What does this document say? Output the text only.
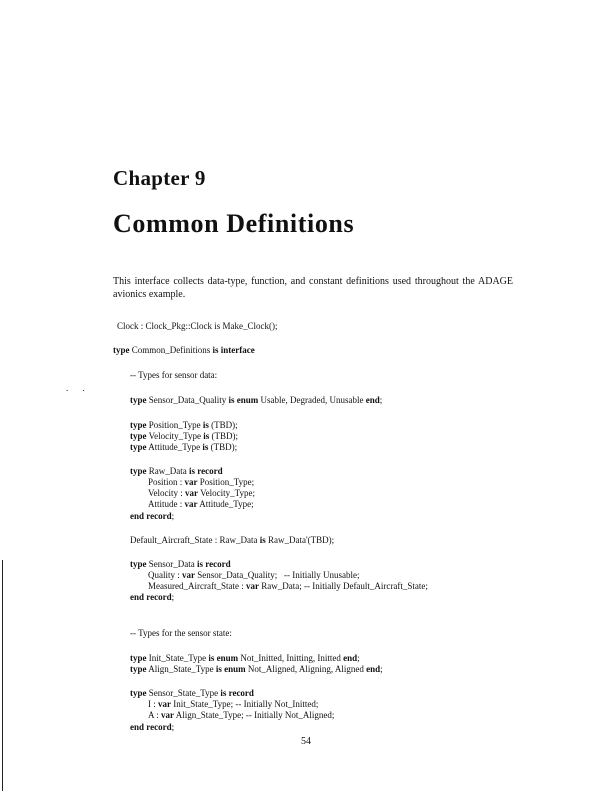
Chapter 9
Common Definitions
This interface collects data-type, function, and constant definitions used throughout the ADAGE avionics example.
. .
Clock : Clock_Pkg::Clock is Make_Clock();
type Common_Definitions is interface
-- Types for sensor data:
type Sensor_Data_Quality is enum Usable, Degraded, Unusable end;
type Position_Type is (TBD);
type Velocity_Type is (TBD);
type Attitude_Type is (TBD);
type Raw_Data is record
Position : var Position_Type;
Velocity : var Velocity_Type;
Attitude : var Attitude_Type;
end record;
Default_Aircraft_State : Raw_Data is Raw_Data'(TBD);
type Sensor_Data is record
Quality : var Sensor_Data_Quality;   -- Initially Unusable;
Measured_Aircraft_State : var Raw_Data; -- Initially Default_Aircraft_State;
end record;
-- Types for the sensor state:
type Init_State_Type is enum Not_Initted, Initting, Initted end;
type Align_State_Type is enum Not_Aligned, Aligning, Aligned end;
type Sensor_State_Type is record
I : var Init_State_Type; -- Initially Not_Initted;
A : var Align_State_Type; -- Initially Not_Aligned;
end record;
54
